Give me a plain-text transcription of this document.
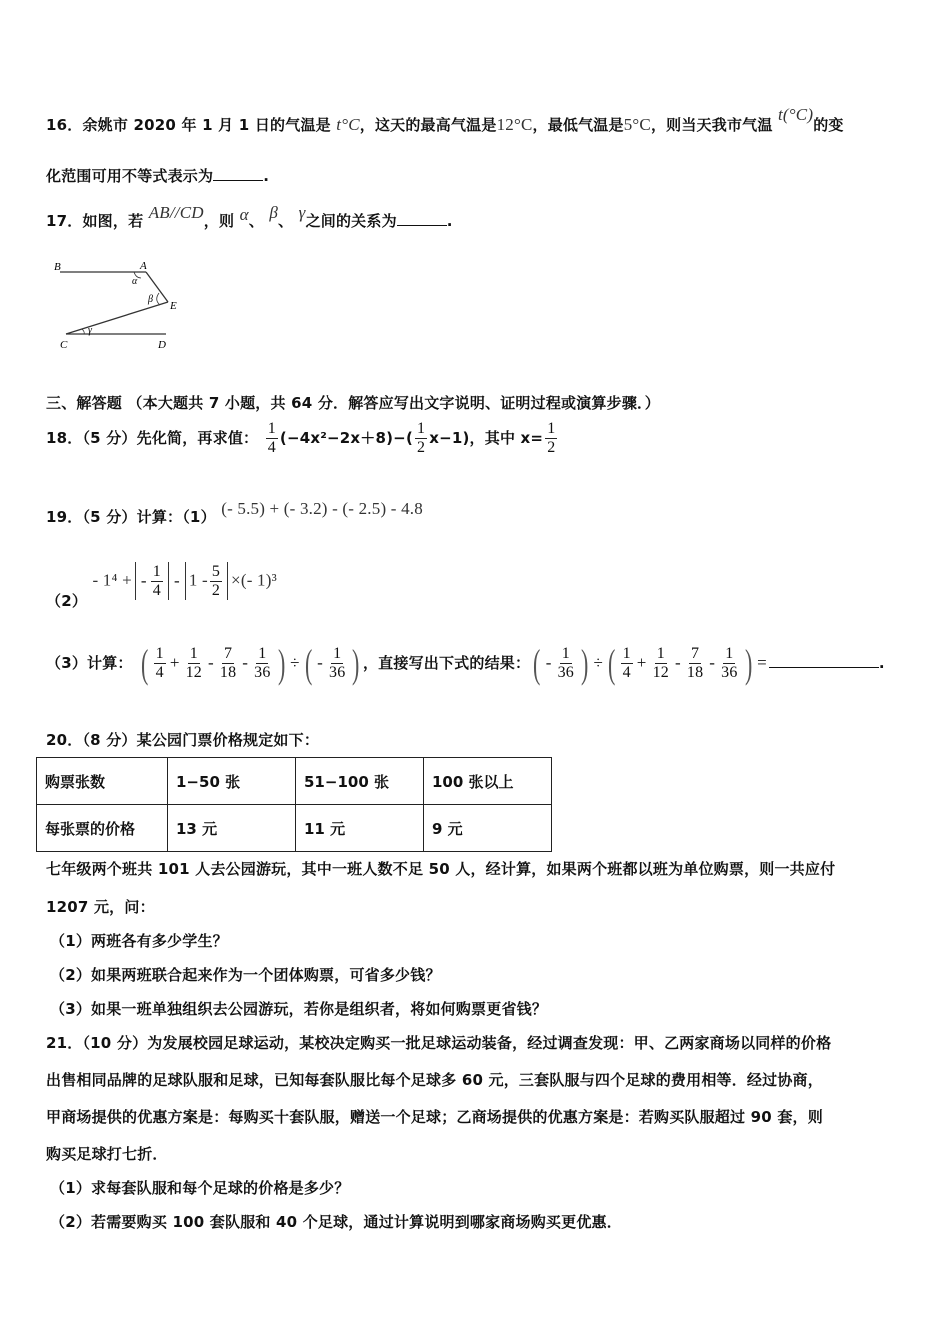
16．余姚市 2020 年 1 月 1 日的气温是 t°C，这天的最高气温是12°C，最低气温是5°C，则当天我市气温 t(°C)的变
化范围可用不等式表示为	.
17．如图，若 AB//CD，则 α、 β、 γ之间的关系为	.
B	A
E
C	D
α
β
γ
三、解答题 （本大题共 7 小题，共 64 分．解答应写出文字说明、证明过程或演算步骤．）
18．（5 分）先化简，再求值： $\frac{1}{4} (-4x^2-2x+8)-( \frac{1}{2} x-1)$，其中 $x= \frac{1}{2}$
19．（5 分）计算：（1） (- 5.5) + (- 3.2) - (- 2.5) - 4.8
（2） - 1⁴ + - $\frac{1}{4} - 1 - \frac{5}{2}$ ×(- 1)³
（3）计算： ( $\frac{1}{4} + \frac{1}{12} - \frac{7}{18} - \frac{1}{36}$ ) ÷ ( - $\frac{1}{36}$ ) ，直接写出下式的结果：( - $\frac{1}{36}$ ) ÷ ( $\frac{1}{4} + \frac{1}{12} - \frac{7}{18} - \frac{1}{36}$ ) =	.
20．（8 分）某公园门票价格规定如下：
购票张数	1−50 张	51−100 张	100 张以上
每张票的价格	13 元	11 元	9 元
七年级两个班共 101 人去公园游玩，其中一班人数不足 50 人，经计算，如果两个班都以班为单位购票，则一共应付
1207 元，问：
（1）两班各有多少学生？
（2）如果两班联合起来作为一个团体购票，可省多少钱？
（3）如果一班单独组织去公园游玩，若你是组织者，将如何购票更省钱？
21．（10 分）为发展校园足球运动，某校决定购买一批足球运动装备，经过调查发现：甲、乙两家商场以同样的价格
出售相同品牌的足球队服和足球，已知每套队服比每个足球多 60 元，三套队服与四个足球的费用相等．经过协商，
甲商场提供的优惠方案是：每购买十套队服，赠送一个足球；乙商场提供的优惠方案是：若购买队服超过 90 套，则
购买足球打七折．
（1）求每套队服和每个足球的价格是多少？
（2）若需要购买 100 套队服和 40 个足球，通过计算说明到哪家商场购买更优惠．
